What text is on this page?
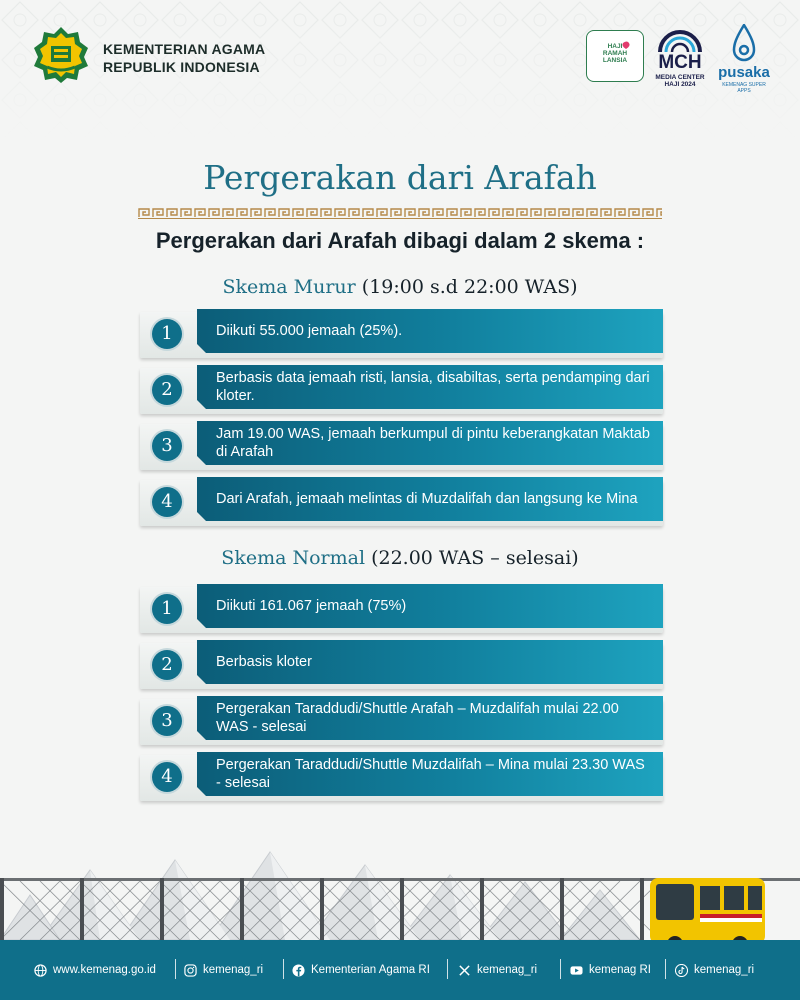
KEMENTERIAN AGAMA
REPUBLIK INDONESIA
HAJI
RAMAH
LANSIA	MCH
MEDIA CENTER
HAJI 2024
pusaka
KEMENAG SUPER APPS
Pergerakan dari Arafah
Pergerakan dari Arafah dibagi dalam 2 skema :
Skema Murur (19:00 s.d 22:00 WAS)
1	Diikuti 55.000 jemaah (25%).
2
Berbasis data jemaah risti, lansia, disabiltas, serta pendamping dari kloter.
3
Jam 19.00 WAS, jemaah berkumpul di pintu keberangkatan Maktab di Arafah
4	Dari Arafah, jemaah melintas di Muzdalifah dan langsung ke Mina
Skema Normal (22.00 WAS – selesai)
1	Diikuti 161.067 jemaah (75%)
2	Berbasis kloter
3
Pergerakan Taraddudi/Shuttle Arafah – Muzdalifah mulai 22.00 WAS - selesai
4
Pergerakan Taraddudi/Shuttle Muzdalifah – Mina mulai 23.30 WAS - selesai
www.kemenag.go.id	kemenag_ri	Kementerian Agama RI	kemenag_ri	kemenag RI	kemenag_ri
